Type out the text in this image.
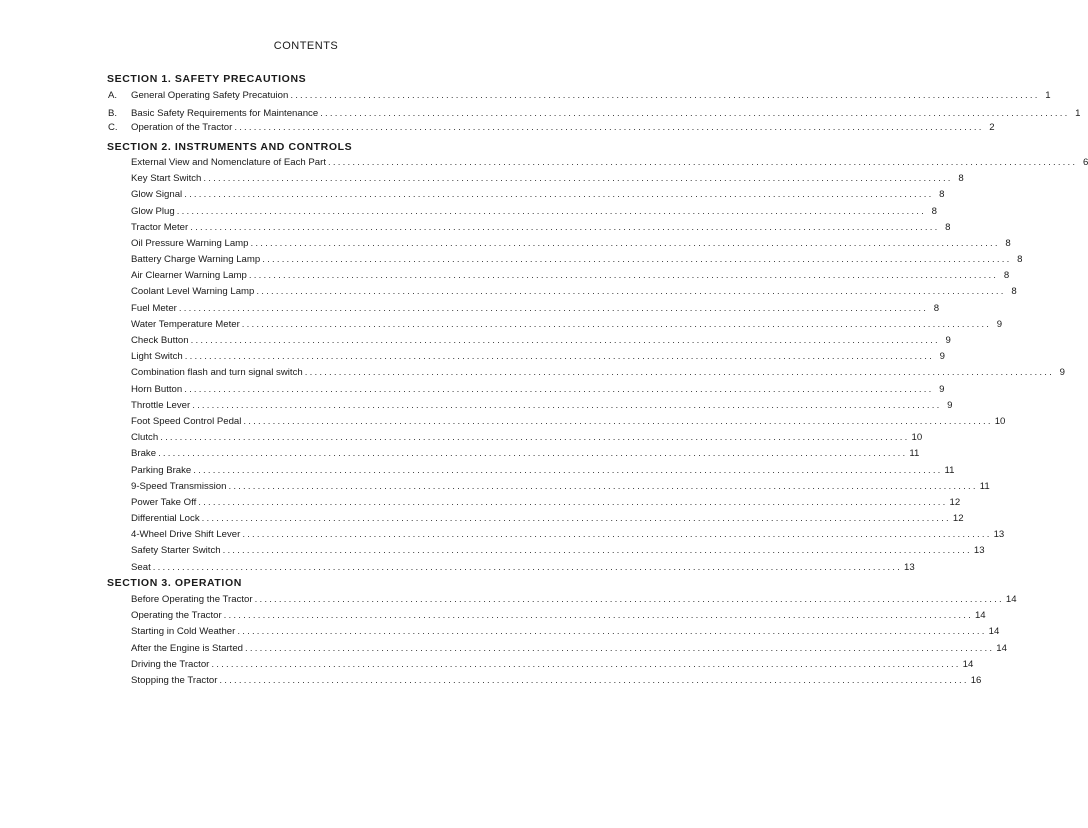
CONTENTS
SECTION 1. SAFETY PRECAUTIONS
A.	General Operating Safety Precatuion .......................................................................................................................................................... 1
B.	Basic Safety Requirements for Maintenance .......................................................................................................................................................... 1
C.	Operation of the Tractor .......................................................................................................................................................... 2
SECTION 2. INSTRUMENTS AND CONTROLS
External View and Nomenclature of Each Part .......................................................................................................................................................... 6
Key Start Switch .......................................................................................................................................................... 8
Glow Signal .......................................................................................................................................................... 8
Glow Plug .......................................................................................................................................................... 8
Tractor Meter .......................................................................................................................................................... 8
Oil Pressure Warning Lamp .......................................................................................................................................................... 8
Battery Charge Warning Lamp .......................................................................................................................................................... 8
Air Clearner Warning Lamp .......................................................................................................................................................... 8
Coolant Level Warning Lamp .......................................................................................................................................................... 8
Fuel Meter .......................................................................................................................................................... 8
Water Temperature Meter .......................................................................................................................................................... 9
Check Button .......................................................................................................................................................... 9
Light Switch .......................................................................................................................................................... 9
Combination flash and turn signal switch .......................................................................................................................................................... 9
Horn Button .......................................................................................................................................................... 9
Throttle Lever .......................................................................................................................................................... 9
Foot Speed Control Pedal .......................................................................................................................................................... 10
Clutch .......................................................................................................................................................... 10
Brake .......................................................................................................................................................... 11
Parking Brake .......................................................................................................................................................... 11
9-Speed Transmission .......................................................................................................................................................... 11
Power Take Off .......................................................................................................................................................... 12
Differential Lock .......................................................................................................................................................... 12
4-Wheel Drive Shift Lever .......................................................................................................................................................... 13
Safety Starter Switch .......................................................................................................................................................... 13
Seat .......................................................................................................................................................... 13
SECTION 3. OPERATION
Before Operating the Tractor .......................................................................................................................................................... 14
Operating the Tractor .......................................................................................................................................................... 14
Starting in Cold Weather .......................................................................................................................................................... 14
After the Engine is Started .......................................................................................................................................................... 14
Driving the Tractor .......................................................................................................................................................... 14
Stopping the Tractor .......................................................................................................................................................... 16
